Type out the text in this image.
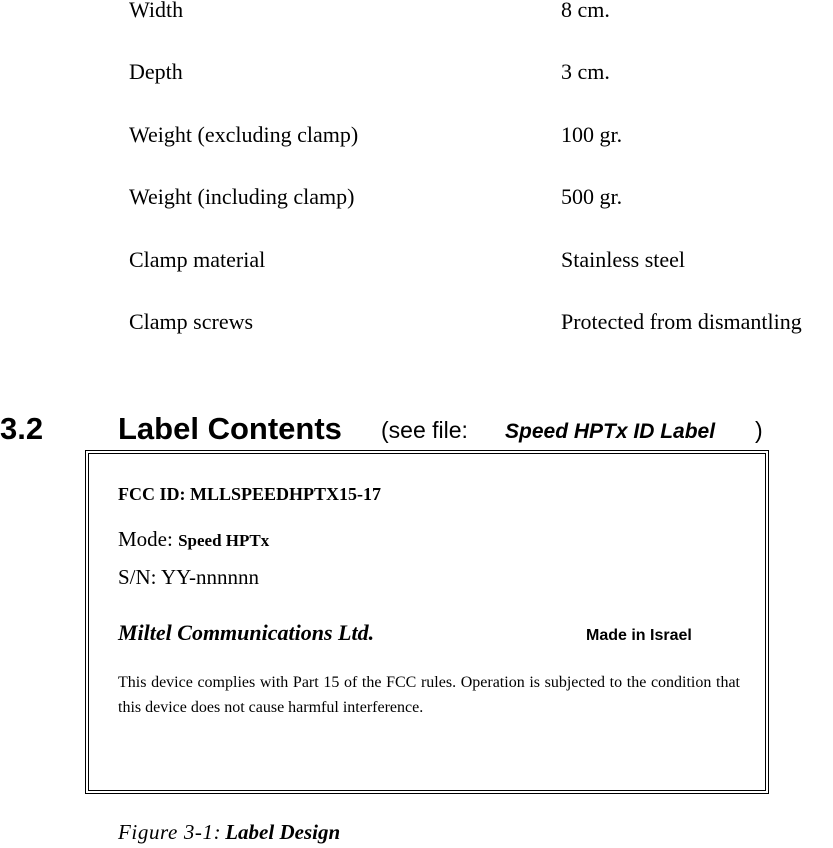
Width	8 cm.
Depth	3 cm.
Weight (excluding clamp)	100 gr.
Weight (including clamp)	500 gr.
Clamp material	Stainless steel
Clamp screws	Protected from dismantling
3.2 Label Contents (see file: Speed HPTx ID Label )
FCC ID: MLLSPEEDHPTX15-17
Mode: Speed HPTx
S/N: YY-nnnnnn
Miltel Communications Ltd.	Made in Israel
This device complies with Part 15 of the FCC rules. Operation is subjected to the condition that this device does not cause harmful interference.
Figure 3-1: Label Design
